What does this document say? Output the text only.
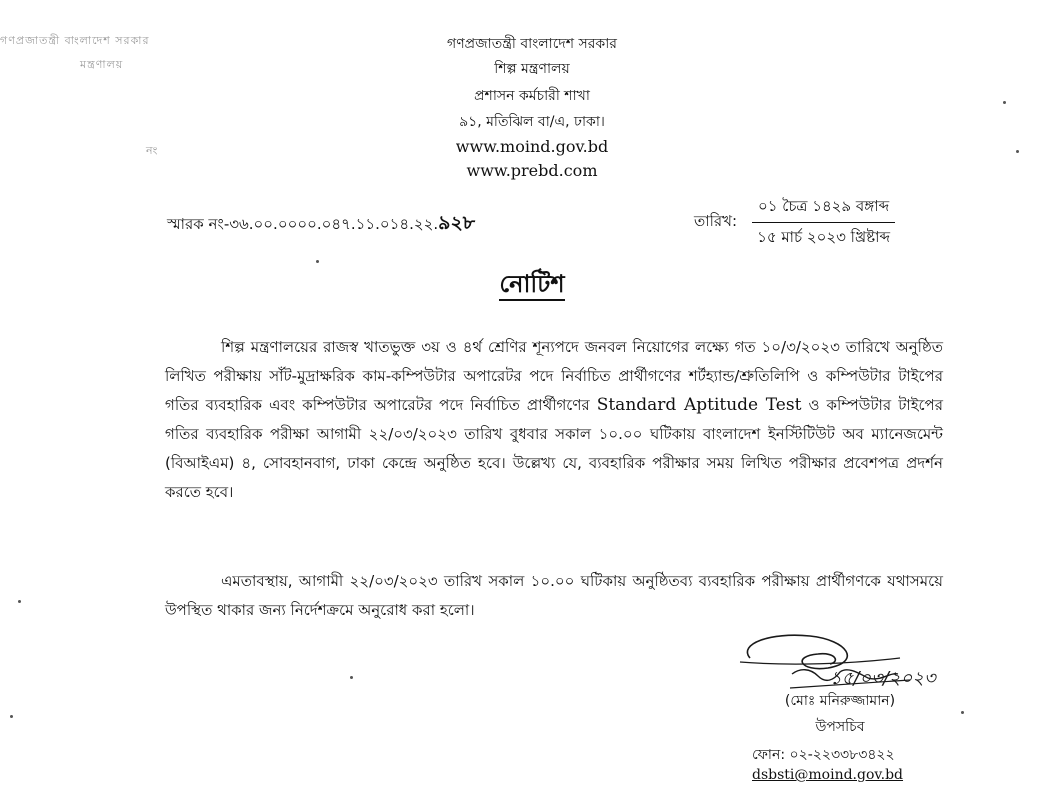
গণপ্রজাতন্ত্রী বাংলাদেশ সরকার
মন্ত্রণালয়
নং
গণপ্রজাতন্ত্রী বাংলাদেশ সরকার
শিল্প মন্ত্রণালয়
প্রশাসন কর্মচারী শাখা
৯১, মতিঝিল বা/এ, ঢাকা।
www.moind.gov.bd
www.prebd.com
স্মারক নং-৩৬.০০.০০০০.০৪৭.১১.০১৪.২২.৯২৮	তারিখ:
০১ চৈত্র ১৪২৯ বঙ্গাব্দ
১৫ মার্চ ২০২৩ খ্রিষ্টাব্দ
নোটিশ

শিল্প মন্ত্রণালয়ের রাজস্ব খাতভুক্ত ৩য় ও ৪র্থ শ্রেণির শূন্যপদে জনবল নিয়োগের লক্ষ্যে গত ১০/৩/২০২৩ তারিখে অনুষ্ঠিত লিখিত পরীক্ষায় সাঁট-মুদ্রাক্ষরিক কাম-কম্পিউটার অপারেটর পদে নির্বাচিত প্রার্থীগণের শর্টহ্যান্ড/শ্রুতিলিপি ও কম্পিউটার টাইপের গতির ব্যবহারিক এবং কম্পিউটার অপারেটর পদে নির্বাচিত প্রার্থীগণের Standard Aptitude Test ও কম্পিউটার টাইপের গতির ব্যবহারিক পরীক্ষা আগামী ২২/০৩/২০২৩ তারিখ বুধবার সকাল ১০.০০ ঘটিকায় বাংলাদেশ ইনস্টিটিউট অব ম্যানেজমেন্ট (বিআইএম) ৪, সোবহানবাগ, ঢাকা কেন্দ্রে অনুষ্ঠিত হবে। উল্লেখ্য যে, ব্যবহারিক পরীক্ষার সময় লিখিত পরীক্ষার প্রবেশপত্র প্রদর্শন করতে হবে।

এমতাবস্থায়, আগামী ২২/০৩/২০২৩ তারিখ সকাল ১০.০০ ঘটিকায় অনুষ্ঠিতব্য ব্যবহারিক পরীক্ষায় প্রার্থীগণকে যথাসময়ে উপস্থিত থাকার জন্য নির্দেশক্রমে অনুরোধ করা হলো।

১৫/০৩/২০২৩
(মোঃ মনিরুজ্জামান)
উপসচিব
ফোন: ০২-২২৩৩৮৩৪২২
dsbsti@moind.gov.bd
